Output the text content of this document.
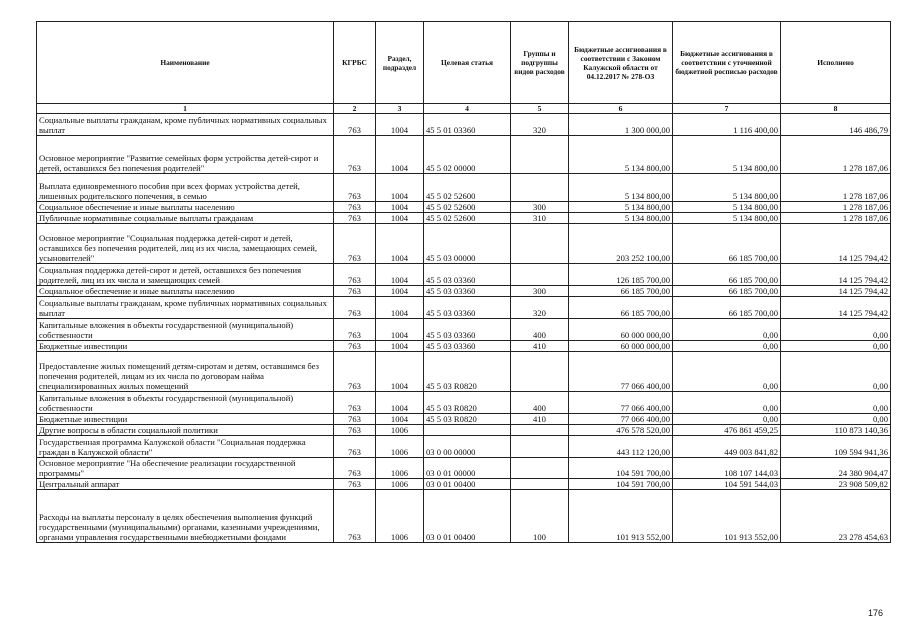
Наименование	КГРБС	Раздел, подраздел	Целевая статья	Группы и подгруппы видов расходов	Бюджетные ассигнования в соответствии с Законом Калужской области от 04.12.2017 № 278-ОЗ	Бюджетные ассигнования в соответствии с уточненной бюджетной росписью расходов	Исполнено
1	2	3	4	5	6	7	8
Социальные выплаты гражданам, кроме публичных нормативных социальных выплат	763	1004	45 5 01 03360	320	1 300 000,00	1 116 400,00	146 486,79
Основное мероприятие "Развитие семейных форм устройства детей-сирот и детей, оставшихся без попечения родителей"	763	1004	45 5 02 00000		5 134 800,00	5 134 800,00	1 278 187,06
Выплата единовременного пособия при всех формах устройства детей, лишенных родительского попечения, в семью	763	1004	45 5 02 52600		5 134 800,00	5 134 800,00	1 278 187,06
Социальное обеспечение и иные выплаты населению	763	1004	45 5 02 52600	300	5 134 800,00	5 134 800,00	1 278 187,06
Публичные нормативные социальные выплаты гражданам	763	1004	45 5 02 52600	310	5 134 800,00	5 134 800,00	1 278 187,06
Основное мероприятие "Социальная поддержка детей-сирот и детей, оставшихся без попечения родителей, лиц из их числа, замещающих семей, усыновителей"	763	1004	45 5 03 00000		203 252 100,00	66 185 700,00	14 125 794,42
Социальная поддержка детей-сирот и детей, оставшихся без попечения родителей, лиц из их числа и замещающих семей	763	1004	45 5 03 03360		126 185 700,00	66 185 700,00	14 125 794,42
Социальное обеспечение и иные выплаты населению	763	1004	45 5 03 03360	300	66 185 700,00	66 185 700,00	14 125 794,42
Социальные выплаты гражданам, кроме публичных нормативных социальных выплат	763	1004	45 5 03 03360	320	66 185 700,00	66 185 700,00	14 125 794,42
Капитальные вложения в объекты государственной (муниципальной) собственности	763	1004	45 5 03 03360	400	60 000 000,00	0,00	0,00
Бюджетные инвестиции	763	1004	45 5 03 03360	410	60 000 000,00	0,00	0,00
Предоставление жилых помещений детям-сиротам и детям, оставшимся без попечения родителей, лицам из их числа по договорам найма специализированных жилых помещений	763	1004	45 5 03 R0820		77 066 400,00	0,00	0,00
Капитальные вложения в объекты государственной (муниципальной) собственности	763	1004	45 5 03 R0820	400	77 066 400,00	0,00	0,00
Бюджетные инвестиции	763	1004	45 5 03 R0820	410	77 066 400,00	0,00	0,00
Другие вопросы в области социальной политики	763	1006			476 578 520,00	476 861 459,25	110 873 140,36
Государственная программа Калужской области "Социальная поддержка граждан в Калужской области"	763	1006	03 0 00 00000		443 112 120,00	449 003 841,82	109 594 941,36
Основное мероприятие "На обеспечение реализации государственной программы"	763	1006	03 0 01 00000		104 591 700,00	108 107 144,03	24 380 904,47
Центральный аппарат	763	1006	03 0 01 00400		104 591 700,00	104 591 544,03	23 908 509,82
Расходы на выплаты персоналу в целях обеспечения выполнения функций государственными (муниципальными) органами, казенными учреждениями, органами управления государственными внебюджетными фондами	763	1006	03 0 01 00400	100	101 913 552,00	101 913 552,00	23 278 454,63
176
